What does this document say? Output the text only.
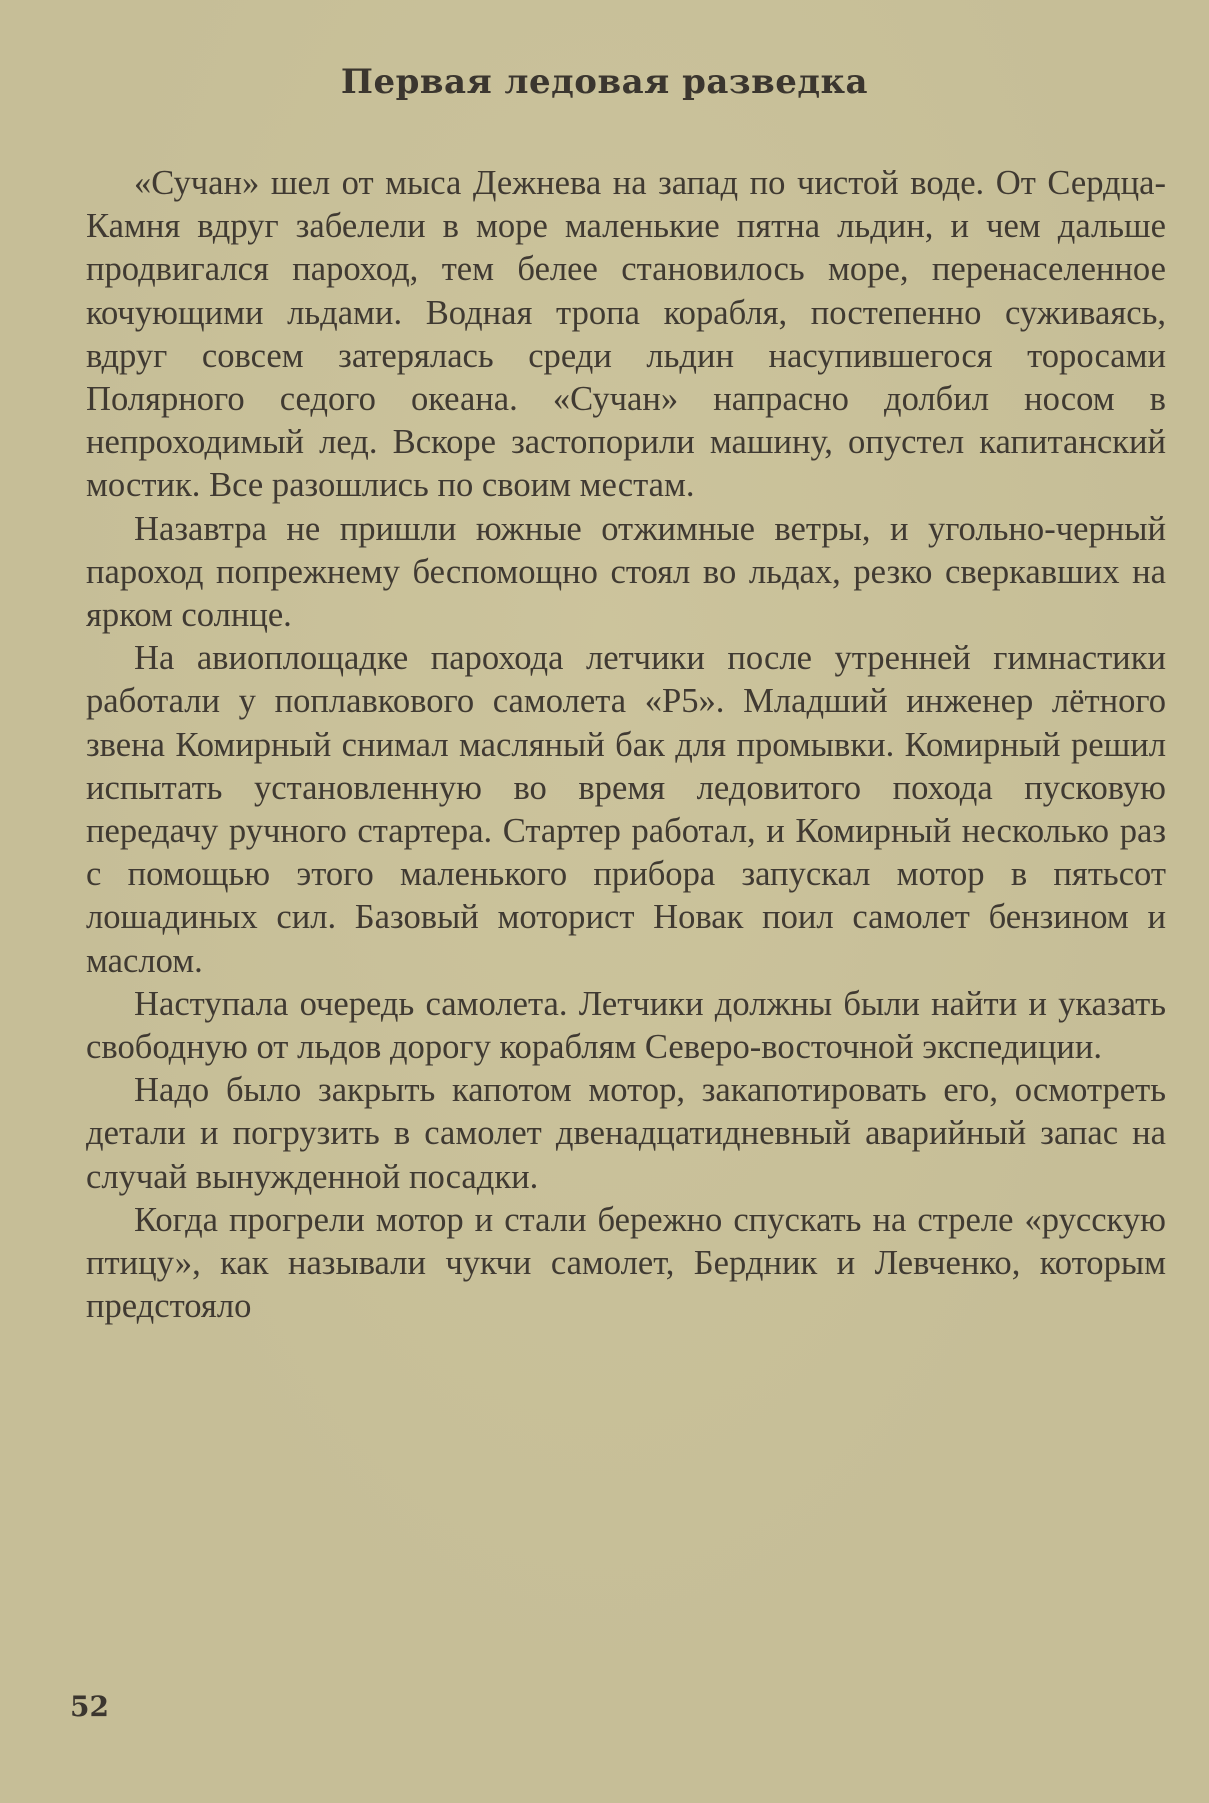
Первая ледовая разведка

«Сучан» шел от мыса Дежнева на запад по чистой воде. От Сердца-Камня вдруг забелели в море маленькие пятна льдин, и чем дальше продвигался пароход, тем белее становилось море, перенаселенное кочующими льдами. Водная тропа корабля, постепенно суживаясь, вдруг совсем затерялась среди льдин насупившегося торосами Полярного седого океана. «Сучан» напрасно долбил носом в непроходимый лед. Вскоре застопорили машину, опустел капитанский мостик. Все разошлись по своим местам.

Назавтра не пришли южные отжимные ветры, и угольно-черный пароход попрежнему беспомощно стоял во льдах, резко сверкавших на ярком солнце.

На авиоплощадке парохода летчики после утренней гимнастики работали у поплавкового самолета «Р5». Младший инженер лётного звена Комирный снимал масляный бак для промывки. Комирный решил испытать установленную во время ледовитого похода пусковую передачу ручного стартера. Стартер работал, и Комирный несколько раз с помощью этого маленького прибора запускал мотор в пятьсот лошадиных сил. Базовый моторист Новак поил самолет бензином и маслом.

Наступала очередь самолета. Летчики должны были найти и указать свободную от льдов дорогу кораблям Северо-восточной экспедиции.

Надо было закрыть капотом мотор, закапотировать его, осмотреть детали и погрузить в самолет двенадцатидневный аварийный запас на случай вынужденной посадки.

Когда прогрели мотор и стали бережно спускать на стреле «русскую птицу», как называли чукчи самолет, Бердник и Левченко, которым предстояло

52
